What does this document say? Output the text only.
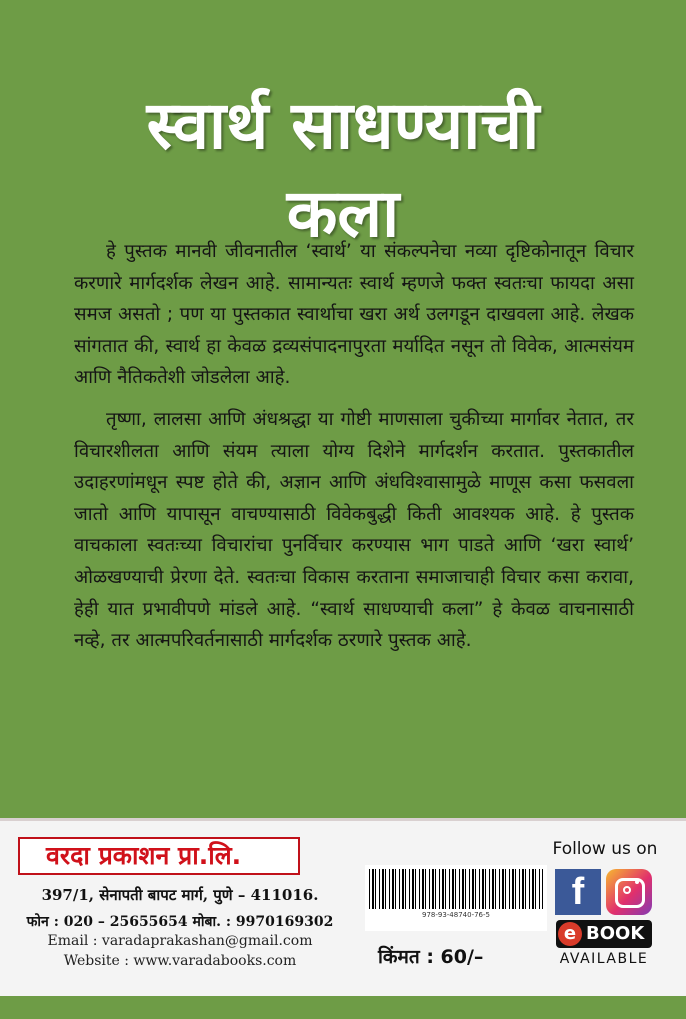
स्वार्थ साधण्याची
कला

हे पुस्तक मानवी जीवनातील ‘स्वार्थ’ या संकल्पनेचा नव्या दृष्टिकोनातून विचार करणारे मार्गदर्शक लेखन आहे. सामान्यतः स्वार्थ म्हणजे फक्त स्वतःचा फायदा असा समज असतो ; पण या पुस्तकात स्वार्थाचा खरा अर्थ उलगडून दाखवला आहे. लेखक सांगतात की, स्वार्थ हा केवळ द्रव्यसंपादनापुरता मर्यादित नसून तो विवेक, आत्मसंयम आणि नैतिकतेशी जोडलेला आहे.

तृष्णा, लालसा आणि अंधश्रद्धा या गोष्टी माणसाला चुकीच्या मार्गावर नेतात, तर विचारशीलता आणि संयम त्याला योग्य दिशेने मार्गदर्शन करतात. पुस्तकातील उदाहरणांमधून स्पष्ट होते की, अज्ञान आणि अंधविश्वासामुळे माणूस कसा फसवला जातो आणि यापासून वाचण्यासाठी विवेकबुद्धी किती आवश्यक आहे. हे पुस्तक वाचकाला स्वतःच्या विचारांचा पुनर्विचार करण्यास भाग पाडते आणि ‘खरा स्वार्थ’ ओळखण्याची प्रेरणा देते. स्वतःचा विकास करताना समाजाचाही विचार कसा करावा, हेही यात प्रभावीपणे मांडले आहे. “स्वार्थ साधण्याची कला” हे केवळ वाचनासाठी नव्हे, तर आत्मपरिवर्तनासाठी मार्गदर्शक ठरणारे पुस्तक आहे.

वरदा प्रकाशन प्रा.लि.
397/1, सेनापती बापट मार्ग, पुणे – 411016.
फोन : 020 – 25655654 मोबा. : 9970169302
Email : varadaprakashan@gmail.com
Website : www.varadabooks.com
978-93-48740-76-5
किंमत : 60/–
Follow us on
f
e BOOK
AVAILABLE
